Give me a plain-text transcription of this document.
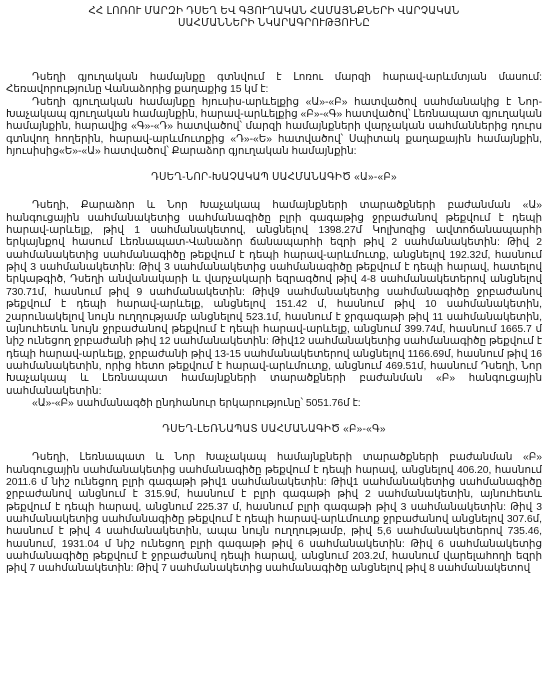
ՀՀ ԼՈՌՈՒ ՄԱՐԶԻ ԴՍԵՂ ԵՎ ԳՅՈՒՂԱԿԱՆ ՀԱՄԱՅՆՔՆԵՐԻ ՎԱՐՉԱԿԱՆ
ՍԱՀՄԱՆՆԵՐԻ ՆԿԱՐԱԳՐՈՒԹՅՈՒՆԸ

Դսեղի գյուղական համայնքը գտնվում է Լոռու մարզի հարավ-արևմտյան մասում: Հեռավորությունը Վանաձորից քաղաքից 15 կմ է:

Դսեղի գյուղական համայնքը հյուսիս-արևելքից «Ա»-«Բ» հատվածով սահմանակից է Նոր-Խաչակապ գյուղական համայնքին, հարավ-արևելքից «Բ»-«Գ» հատվածով՝ Լեռնապատ գյուղական համայնքին, հարավից «Գ»-«Դ» հատվածով՝ մարզի համայնքների վարչական սահմաններից դուրս գտնվող հողերին, հարավ-արևմուտքից «Դ»-«Ե» հատվածով՝ Սպիտակ քաղաքային համայնքին, հյուսիսից«Ե»-«Ա» հատվածով՝ Քարաձոր գյուղական համայնքին:

ԴՍԵՂ-ՆՈՐ-ԽԱՉԱԿԱՊ ՍԱՀՄԱՆԱԳԻԾ «Ա»-«Բ»

Դսեղի, Քարաձոր և Նոր Խաչակապ համայնքների տարածքների բաժանման «Ա» հանգուցային սահմանակետից սահմանագիծը բլրի գագաթից ջրբաժանով թեքվում է դեպի հարավ-արևելք, թիվ 1 սահմանակետով, անցնելով 1398.27մ Կոլխոզից ավտոճանապարհի երկայնքով հասում Լեռնապատ-Վանաձոր ճանապարհի եզրի թիվ 2 սահմանակետին: Թիվ 2 սահմանակետից սահմանագիծը թեքվում է դեպի հարավ-արևմուտք, անցնելով 192.32մ, հասնում թիվ 3 սահմանակետին: Թիվ 3 սահմանակետից սահմանագիծը թեքվում է դեպի հարավ, հատելով երկաթգիծ, Դսեղի անվանակարի և վարչակարի եզրագծով թիվ 4-8 սահմանակետերով անցնելով 730.71մ, հասնում թիվ 9 սահմանակետին: Թիվ9 սահմանակետից սահմանագիծը ջրբաժանով թեքվում է դեպի հարավ-արևելք, անցնելով 151.42 մ, հասնում թիվ 10 սահմանակետին, շարունակելով նույն ուղղությամբ անցնելով 523.1մ, հասնում է ջրգագաթի թիվ 11 սահմանակետին, այնուհետև նույն ջրբաժանով թեքվում է դեպի հարավ-արևելք, անցնում 399.74մ, հասնում 1665.7 մ նիշ ունեցող ջրբաժանի թիվ 12 սահմանակետին: Թիվ12 սահմանակետից սահմանագիծը թեքվում է դեպի հարավ-արևելք, ջրբաժանի թիվ 13-15 սահմանակետերով անցնելով 1166.69մ, հասնում թիվ 16 սահմանակետին, որից հետո թեքվում է հարավ-արևմուտք, անցնում 469.51մ, հասնում Դսեղի, Նոր Խաչակապ և Լեռնապատ համայնքների տարածքների բաժանման «Բ» հանգուցային սահմանակետին:

«Ա»-«Բ» սահմանագծի ընդհանուր երկարությունը՝ 5051.76մ է:

ԴՍԵՂ-ԼԵՌՆԱՊԱՏ ՍԱՀՄԱՆԱԳԻԾ «Բ»-«Գ»

Դսեղի, Լեռնապատ և Նոր Խաչակապ համայնքների տարածքների բաժանման «Բ» հանգուցային սահմանակետից սահմանագիծը թեքվում է դեպի հարավ, անցնելով 406.20, հասնում 2011.6 մ նիշ ունեցող բլրի գագաթի թիվ1 սահմանակետին: Թիվ1 սահմանակետից սահմանագիծը ջրբաժանով անցնում է 315.9մ, հասնում է բլրի գագաթի թիվ 2 սահմանակետին, այնուհետև թեքվում է դեպի հարավ, անցնում 225.37 մ, հասնում բլրի գագաթի թիվ 3 սահմանակետին: Թիվ 3 սահմանակետից սահմանագիծը թեքվում է դեպի հարավ-արևմուտք ջրբաժանով անցնելով 307.6մ, հասնում է թիվ 4 սահմանակետին, ապա նույն ուղղությամբ, թիվ 5,6 սահմանակետերով 735.46, հասնում, 1931.04 մ նիշ ունեցող բլրի գագաթի թիվ 6 սահմանակետին: Թիվ 6 սահմանակետից սահմանագիծը թեքվում է ջրբաժանով դեպի հարավ, անցնում 203.2մ, հասնում վարելահողի եզրի թիվ 7 սահմանակետին: Թիվ 7 սահմանակետից սահմանագիծը անցնելով թիվ 8 սահմանակետով
